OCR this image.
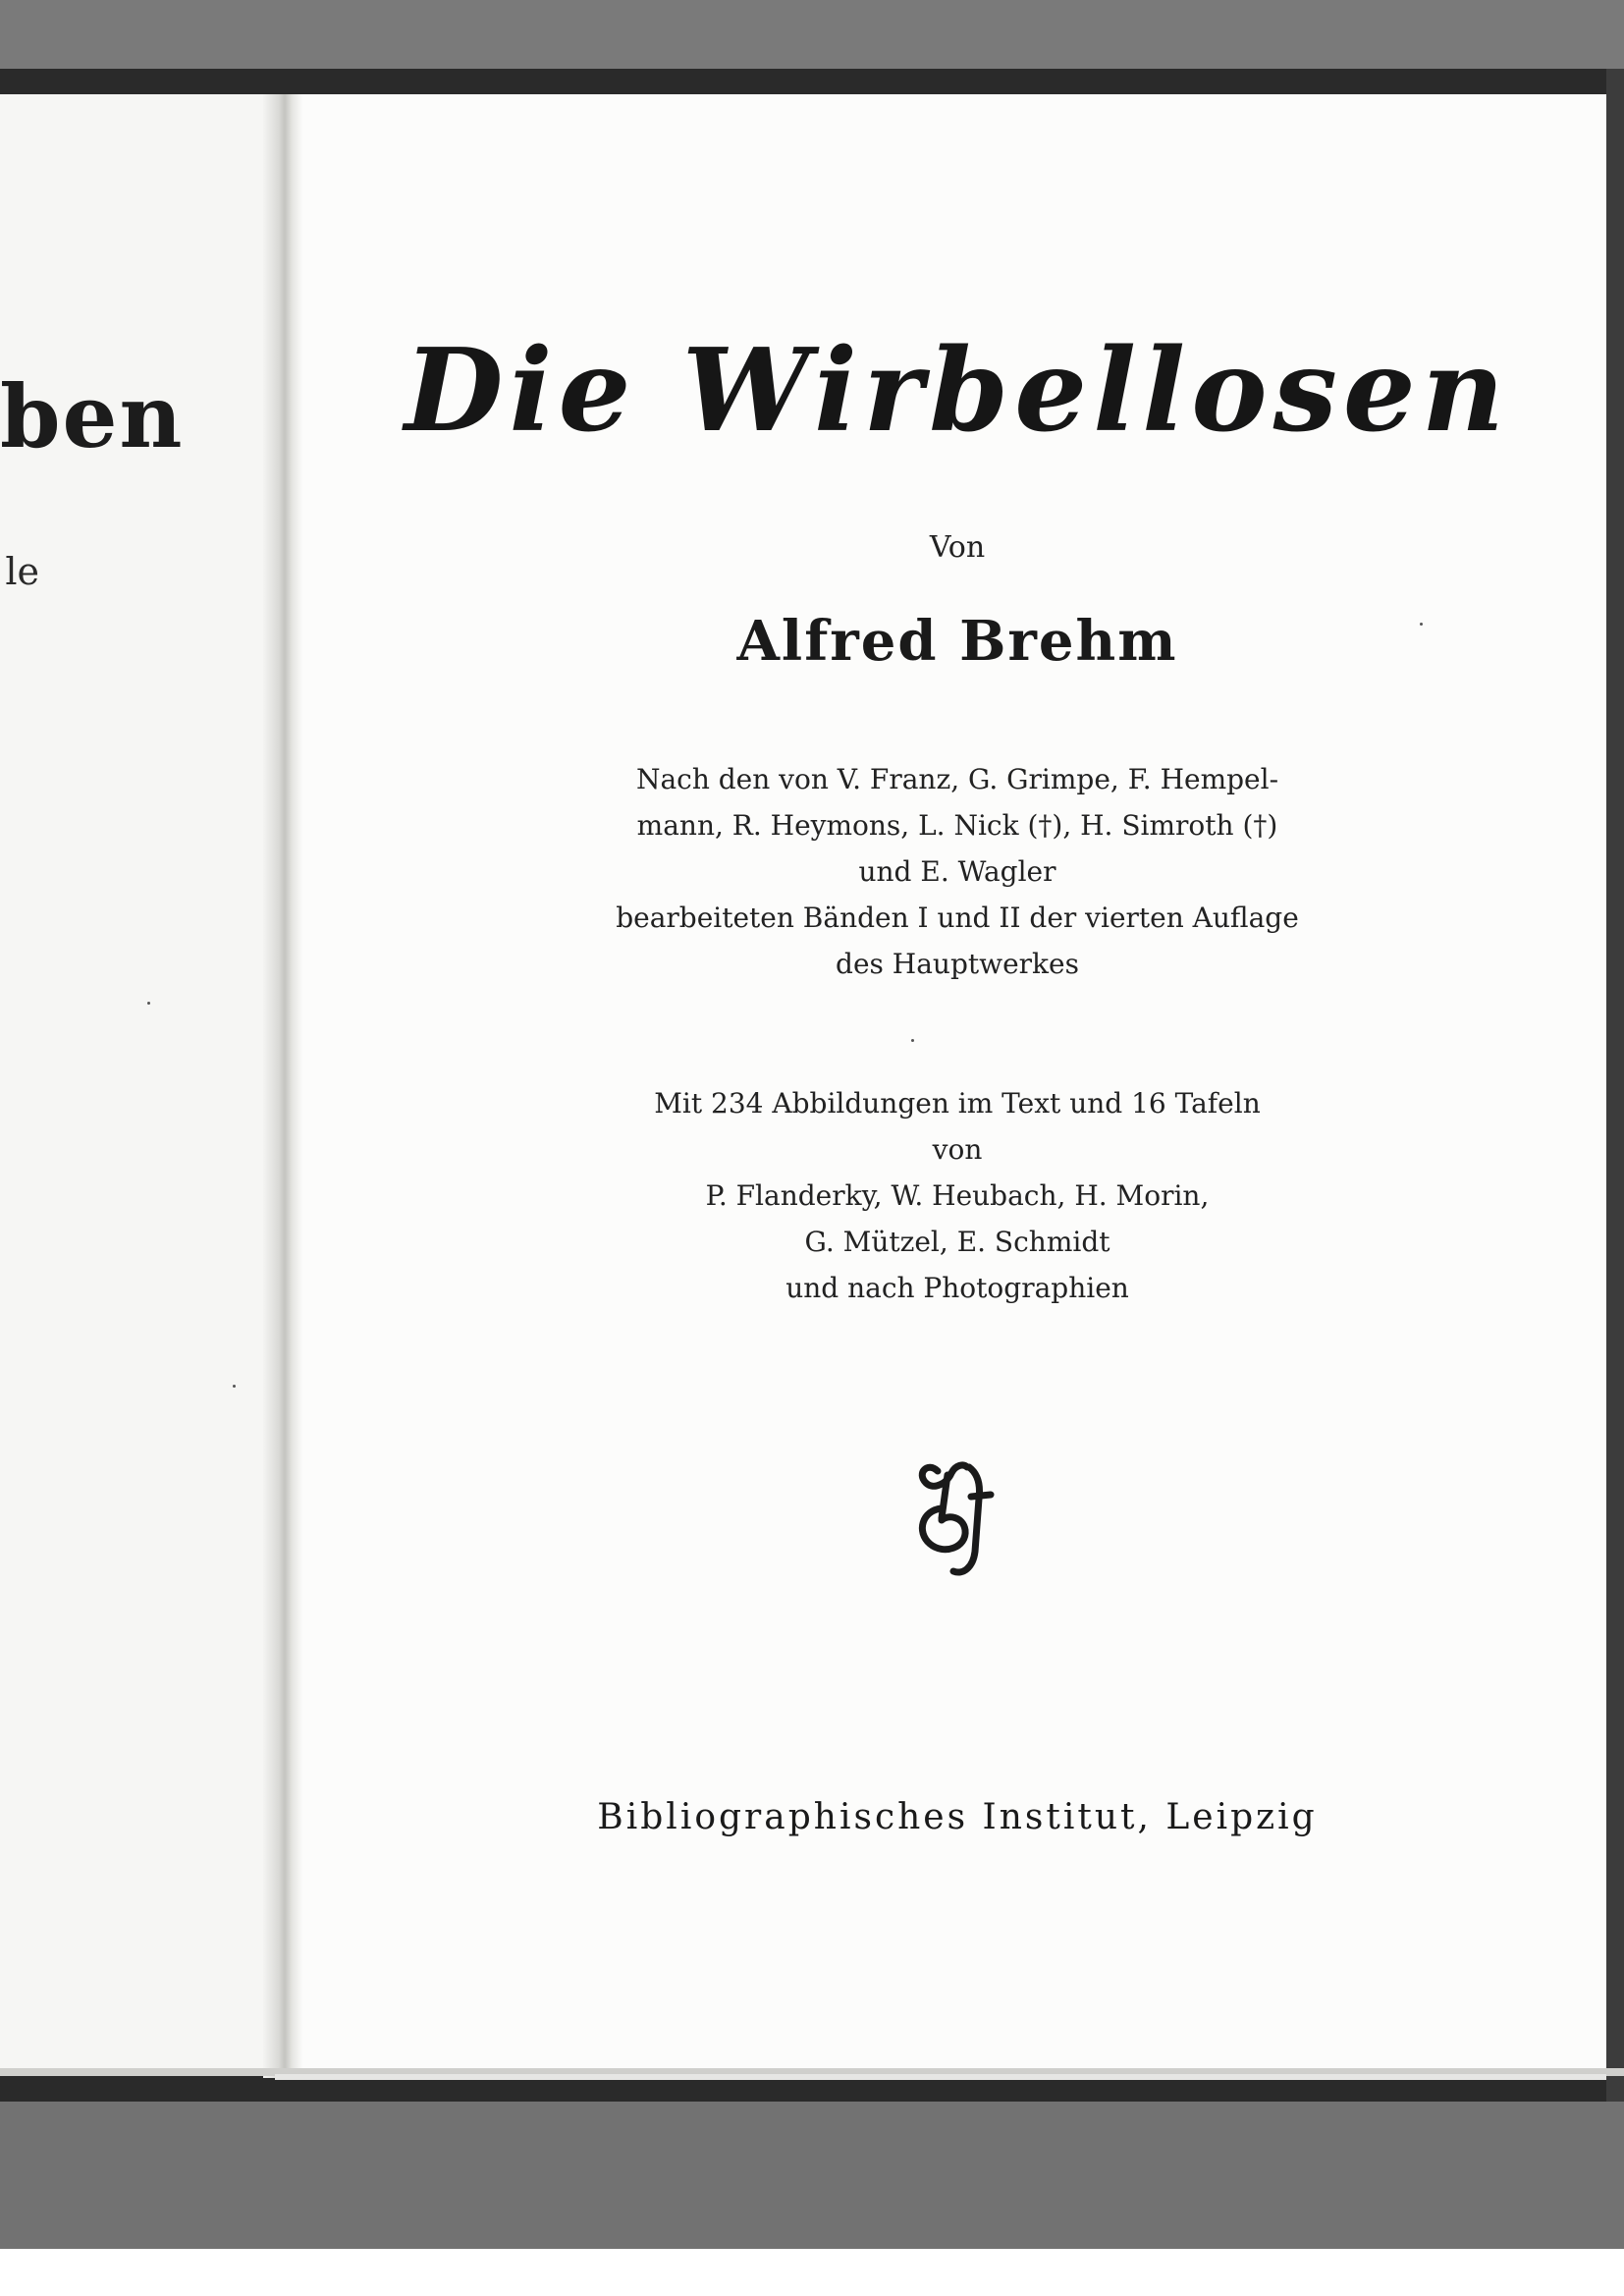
ben
le
Die Wirbellosen
Von
Alfred Brehm
Nach den von V. Franz, G. Grimpe, F. Hempel-
mann, R. Heymons, L. Nick (†), H. Simroth (†)
und E. Wagler
bearbeiteten Bänden I und II der vierten Auflage
des Hauptwerkes
Mit 234 Abbildungen im Text und 16 Tafeln
von
P. Flanderky, W. Heubach, H. Morin,
G. Mützel, E. Schmidt
und nach Photographien
Bibliographisches Institut, Leipzig
